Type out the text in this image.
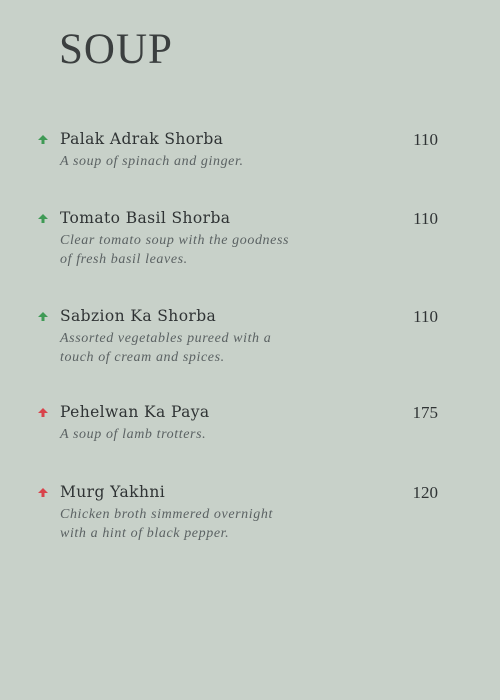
SOUP
Palak Adrak Shorba	110
A soup of spinach and ginger.
Tomato Basil Shorba	110
Clear tomato soup with the goodness of fresh basil leaves.
Sabzion Ka Shorba	110
Assorted vegetables pureed with a touch of cream and spices.
Pehelwan Ka Paya	175
A soup of lamb trotters.
Murg Yakhni	120
Chicken broth simmered overnight with a hint of black pepper.
